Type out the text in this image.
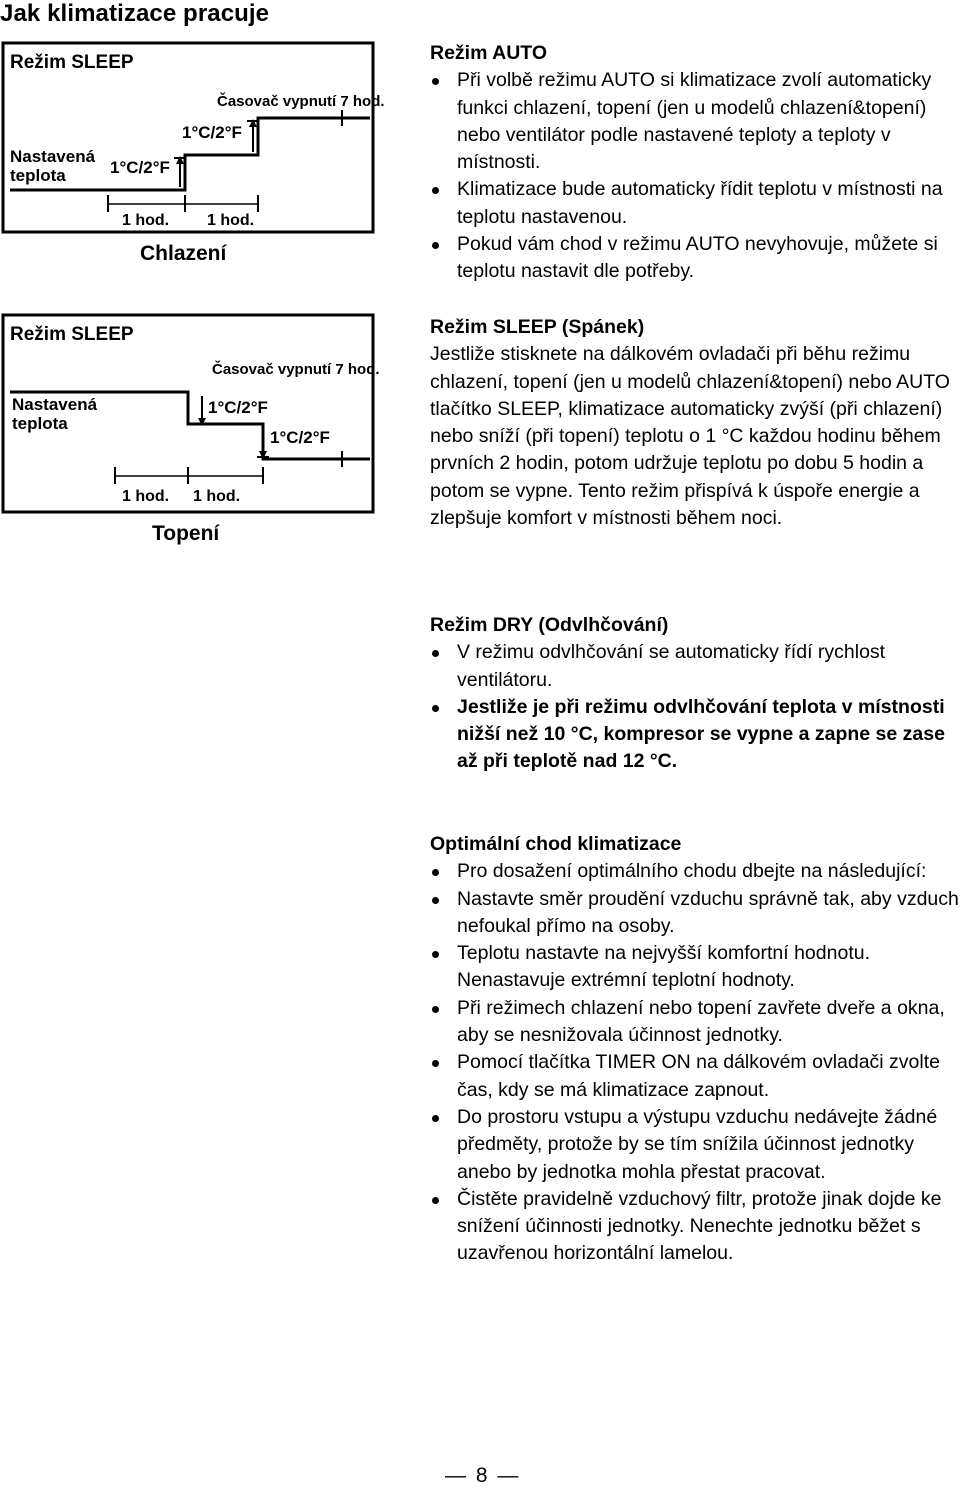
Jak klimatizace pracuje
Režim SLEEP
Časovač vypnutí 7 hod.
1°C/2°F
Nastavená
teplota	1°C/2°F
1 hod. 1 hod.
Chlazení
Režim SLEEP
Časovač vypnutí 7 hod.
Nastavená
teplota
1°C/2°F
1°C/2°F
1 hod. 1 hod.
Topení
Režim AUTO
Při volbě režimu AUTO si klimatizace zvolí automaticky funkci chlazení, topení (jen u modelů chlazení&topení) nebo ventilátor podle nastavené teploty a teploty v místnosti.
Klimatizace bude automaticky řídit teplotu v místnosti na teplotu nastavenou.
Pokud vám chod v režimu AUTO nevyhovuje, můžete si teplotu nastavit dle potřeby.
Režim SLEEP (Spánek)
Jestliže stisknete na dálkovém ovladači při běhu režimu chlazení, topení (jen u modelů chlazení&topení) nebo AUTO tlačítko SLEEP, klimatizace automaticky zvýší (při chlazení) nebo sníží (při topení) teplotu o 1 °C každou hodinu během prvních 2 hodin, potom udržuje teplotu po dobu 5 hodin a potom se vypne. Tento režim přispívá k úspoře energie a zlepšuje komfort v místnosti během noci.
Režim DRY (Odvlhčování)
V režimu odvlhčování se automaticky řídí rychlost ventilátoru.
Jestliže je při režimu odvlhčování teplota v místnosti nižší než 10 °C, kompresor se vypne a zapne se zase až při teplotě nad 12 °C.
Optimální chod klimatizace
Pro dosažení optimálního chodu dbejte na následující:
Nastavte směr proudění vzduchu správně tak, aby vzduch nefoukal přímo na osoby.
Teplotu nastavte na nejvyšší komfortní hodnotu. Nenastavuje extrémní teplotní hodnoty.
Při režimech chlazení nebo topení zavřete dveře a okna, aby se nesnižovala účinnost jednotky.
Pomocí tlačítka TIMER ON na dálkovém ovladači zvolte čas, kdy se má klimatizace zapnout.
Do prostoru vstupu a výstupu vzduchu nedávejte žádné předměty, protože by se tím snížila účinnost jednotky anebo by jednotka mohla přestat pracovat.
Čistěte pravidelně vzduchový filtr, protože jinak dojde ke snížení účinnosti jednotky. Nenechte jednotku běžet s uzavřenou horizontální lamelou.
— 8 —
